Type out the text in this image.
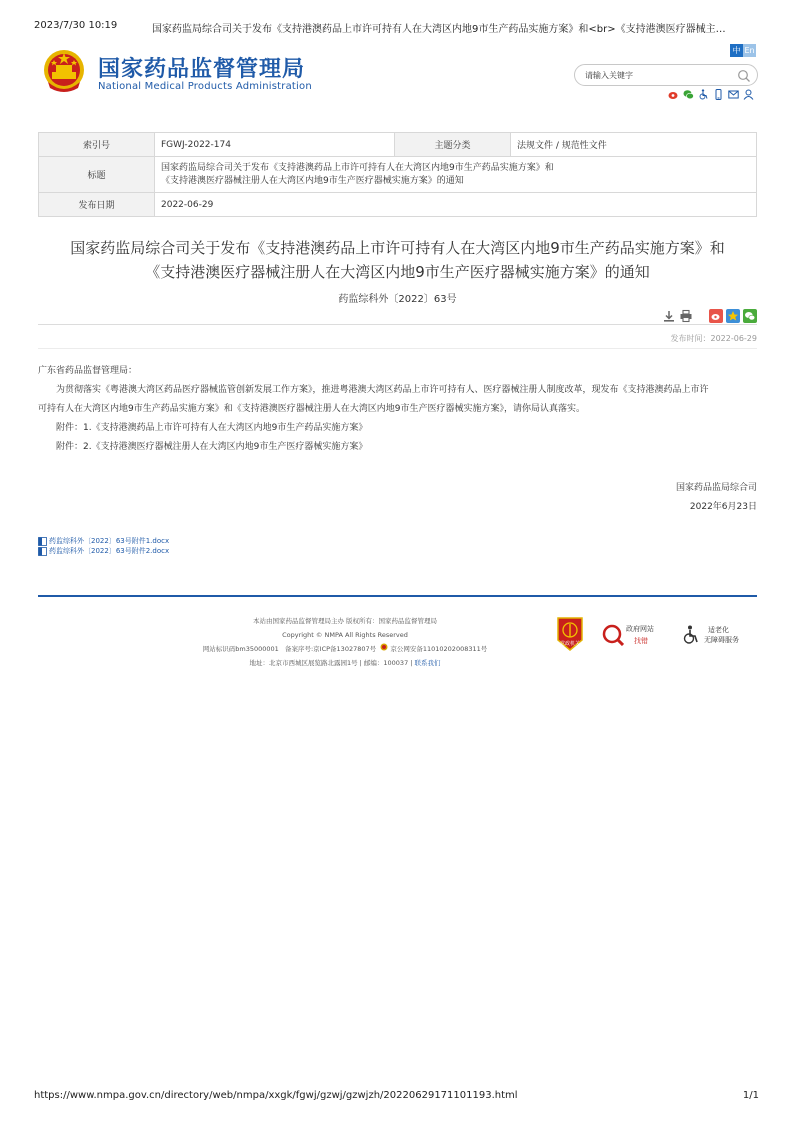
2023/7/30 10:19	国家药监局综合司关于发布《支持港澳药品上市许可持有人在大湾区内地9市生产药品实施方案》和<br>《支持港澳医疗器械主…
国家药品监督管理局
National Medical Products Administration
中 En
请输入关键字
索引号	FGWJ-2022-174	主题分类	法规文件 / 规范性文件
标题	国家药监局综合司关于发布《支持港澳药品上市许可持有人在大湾区内地9市生产药品实施方案》和
《支持港澳医疗器械注册人在大湾区内地9市生产医疗器械实施方案》的通知		

发布日期	2022-06-29		
国家药监局综合司关于发布《支持港澳药品上市许可持有人在大湾区内地9市生产药品实施方案》和
《支持港澳医疗器械注册人在大湾区内地9市生产医疗器械实施方案》的通知
药监综科外〔2022〕63号
发布时间：2022-06-29

广东省药品监督管理局：

为贯彻落实《粤港澳大湾区药品医疗器械监管创新发展工作方案》，推进粤港澳大湾区药品上市许可持有人、医疗器械注册人制度改革，现发布《支持港澳药品上市许

可持有人在大湾区内地9市生产药品实施方案》和《支持港澳医疗器械注册人在大湾区内地9市生产医疗器械实施方案》，请你局认真落实。

附件：1.《支持港澳药品上市许可持有人在大湾区内地9市生产药品实施方案》

附件：2.《支持港澳医疗器械注册人在大湾区内地9市生产医疗器械实施方案》

国家药品监局综合司
2022年6月23日
药监综科外〔2022〕63号附件1.docx
药监综科外〔2022〕63号附件2.docx
本站由国家药品监督管理局主办 版权所有：国家药品监督管理局
Copyright © NMPA All Rights Reserved
网站标识码bm35000001 备案序号:京ICP备13027807号 京公网安备11010202008311号
地址：北京市西城区展览路北露园1号 | 邮编：100037 | 联系我们
党政机关
政府网站
找错
适老化
无障碍服务
https://www.nmpa.gov.cn/directory/web/nmpa/xxgk/fgwj/gzwj/gzwjzh/20220629171101193.html	1/1
